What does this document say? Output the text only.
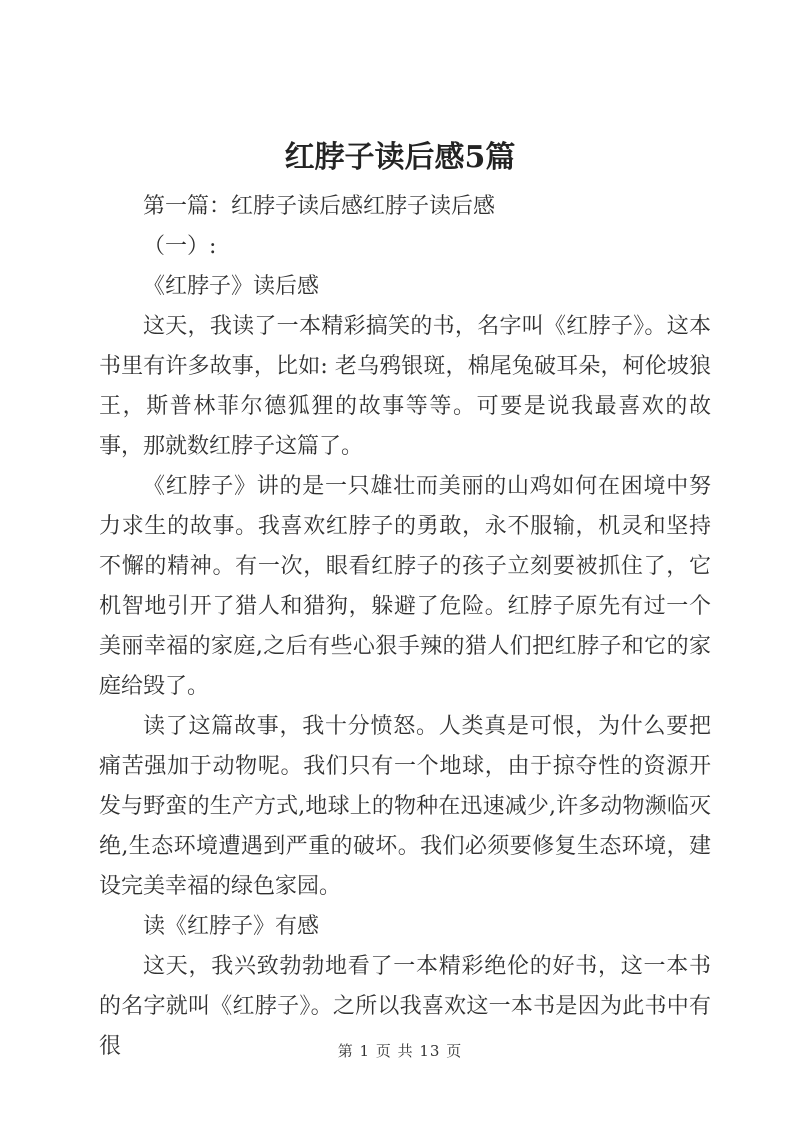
红脖子读后感5篇

第一篇：红脖子读后感红脖子读后感

（一）:

《红脖子》读后感

这天，我读了一本精彩搞笑的书，名字叫《红脖子》。这本书里有许多故事，比如: 老乌鸦银斑，棉尾兔破耳朵，柯伦坡狼王，斯普林菲尔德狐狸的故事等等。可要是说我最喜欢的故事，那就数红脖子这篇了。

《红脖子》讲的是一只雄壮而美丽的山鸡如何在困境中努力求生的故事。我喜欢红脖子的勇敢，永不服输，机灵和坚持不懈的精神。有一次，眼看红脖子的孩子立刻要被抓住了，它机智地引开了猎人和猎狗，躲避了危险。红脖子原先有过一个美丽幸福的家庭,之后有些心狠手辣的猎人们把红脖子和它的家庭给毁了。

读了这篇故事，我十分愤怒。人类真是可恨，为什么要把痛苦强加于动物呢。我们只有一个地球，由于掠夺性的资源开发与野蛮的生产方式,地球上的物种在迅速减少,许多动物濒临灭绝,生态环境遭遇到严重的破坏。我们必须要修复生态环境，建设完美幸福的绿色家园。

读《红脖子》有感

这天，我兴致勃勃地看了一本精彩绝伦的好书，这一本书的名字就叫《红脖子》。之所以我喜欢这一本书是因为此书中有很	第 1 页 共 13 页
